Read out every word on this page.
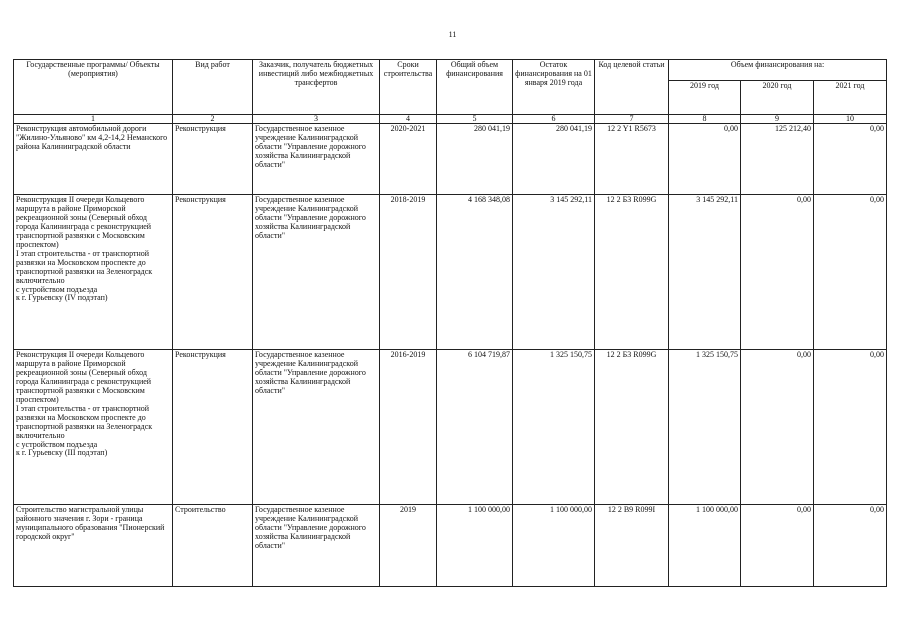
11
Государственные программы/ Объекты (мероприятия)	Вид работ	Заказчик, получатель бюджетных инвестиций либо межбюджетных трансфертов	Сроки строительства	Общий объем финансирования	Остаток финансирования на 01 января 2019 года	Код целевой статьи	Объем финансирования на:		
							2019 год	2020 год	2021 год
1	2	3	4	5	6	7	8	9	10
Реконструкция автомобильной дороги "Жилино-Ульяново" км 4,2-14,2 Неманского района Калининградской области	Реконструкция	Государственное казенное учреждение Калининградской области "Управление дорожного хозяйства Калининградской области"	2020-2021	280 041,19	280 041,19	12 2 Y1 R5673	0,00	125 212,40	0,00
Реконструкция II очереди Кольцевого маршрута в районе Приморской рекреационной зоны (Северный обход города Калининграда с реконструкцией транспортной развязки с Московским проспектом)
I этап строительства - от транспортной развязки на Московском проспекте до транспортной развязки на Зеленоградск включительно
с устройством подъезда
к г. Гурьевску (IV подэтап)	Реконструкция	Государственное казенное учреждение Калининградской области "Управление дорожного хозяйства Калининградской области"	2018-2019	4 168 348,08	3 145 292,11	12 2 Б3 R099G	3 145 292,11	0,00	0,00
Реконструкция II очереди Кольцевого маршрута в районе Приморской рекреационной зоны (Северный обход города Калининграда с реконструкцией транспортной развязки с Московским проспектом)
I этап строительства - от транспортной развязки на Московском проспекте до транспортной развязки на Зеленоградск включительно
с устройством подъезда
к г. Гурьевску (III подэтап)	Реконструкция	Государственное казенное учреждение Калининградской области "Управление дорожного хозяйства Калининградской области"	2016-2019	6 104 719,87	1 325 150,75	12 2 Б3 R099G	1 325 150,75	0,00	0,00
Строительство магистральной улицы районного значения г. Зори - граница муниципального образования "Пионерский городской округ"	Строительство	Государственное казенное учреждение Калининградской области "Управление дорожного хозяйства Калининградской области"	2019	1 100 000,00	1 100 000,00	12 2 В9 R099I	1 100 000,00	0,00	0,00
